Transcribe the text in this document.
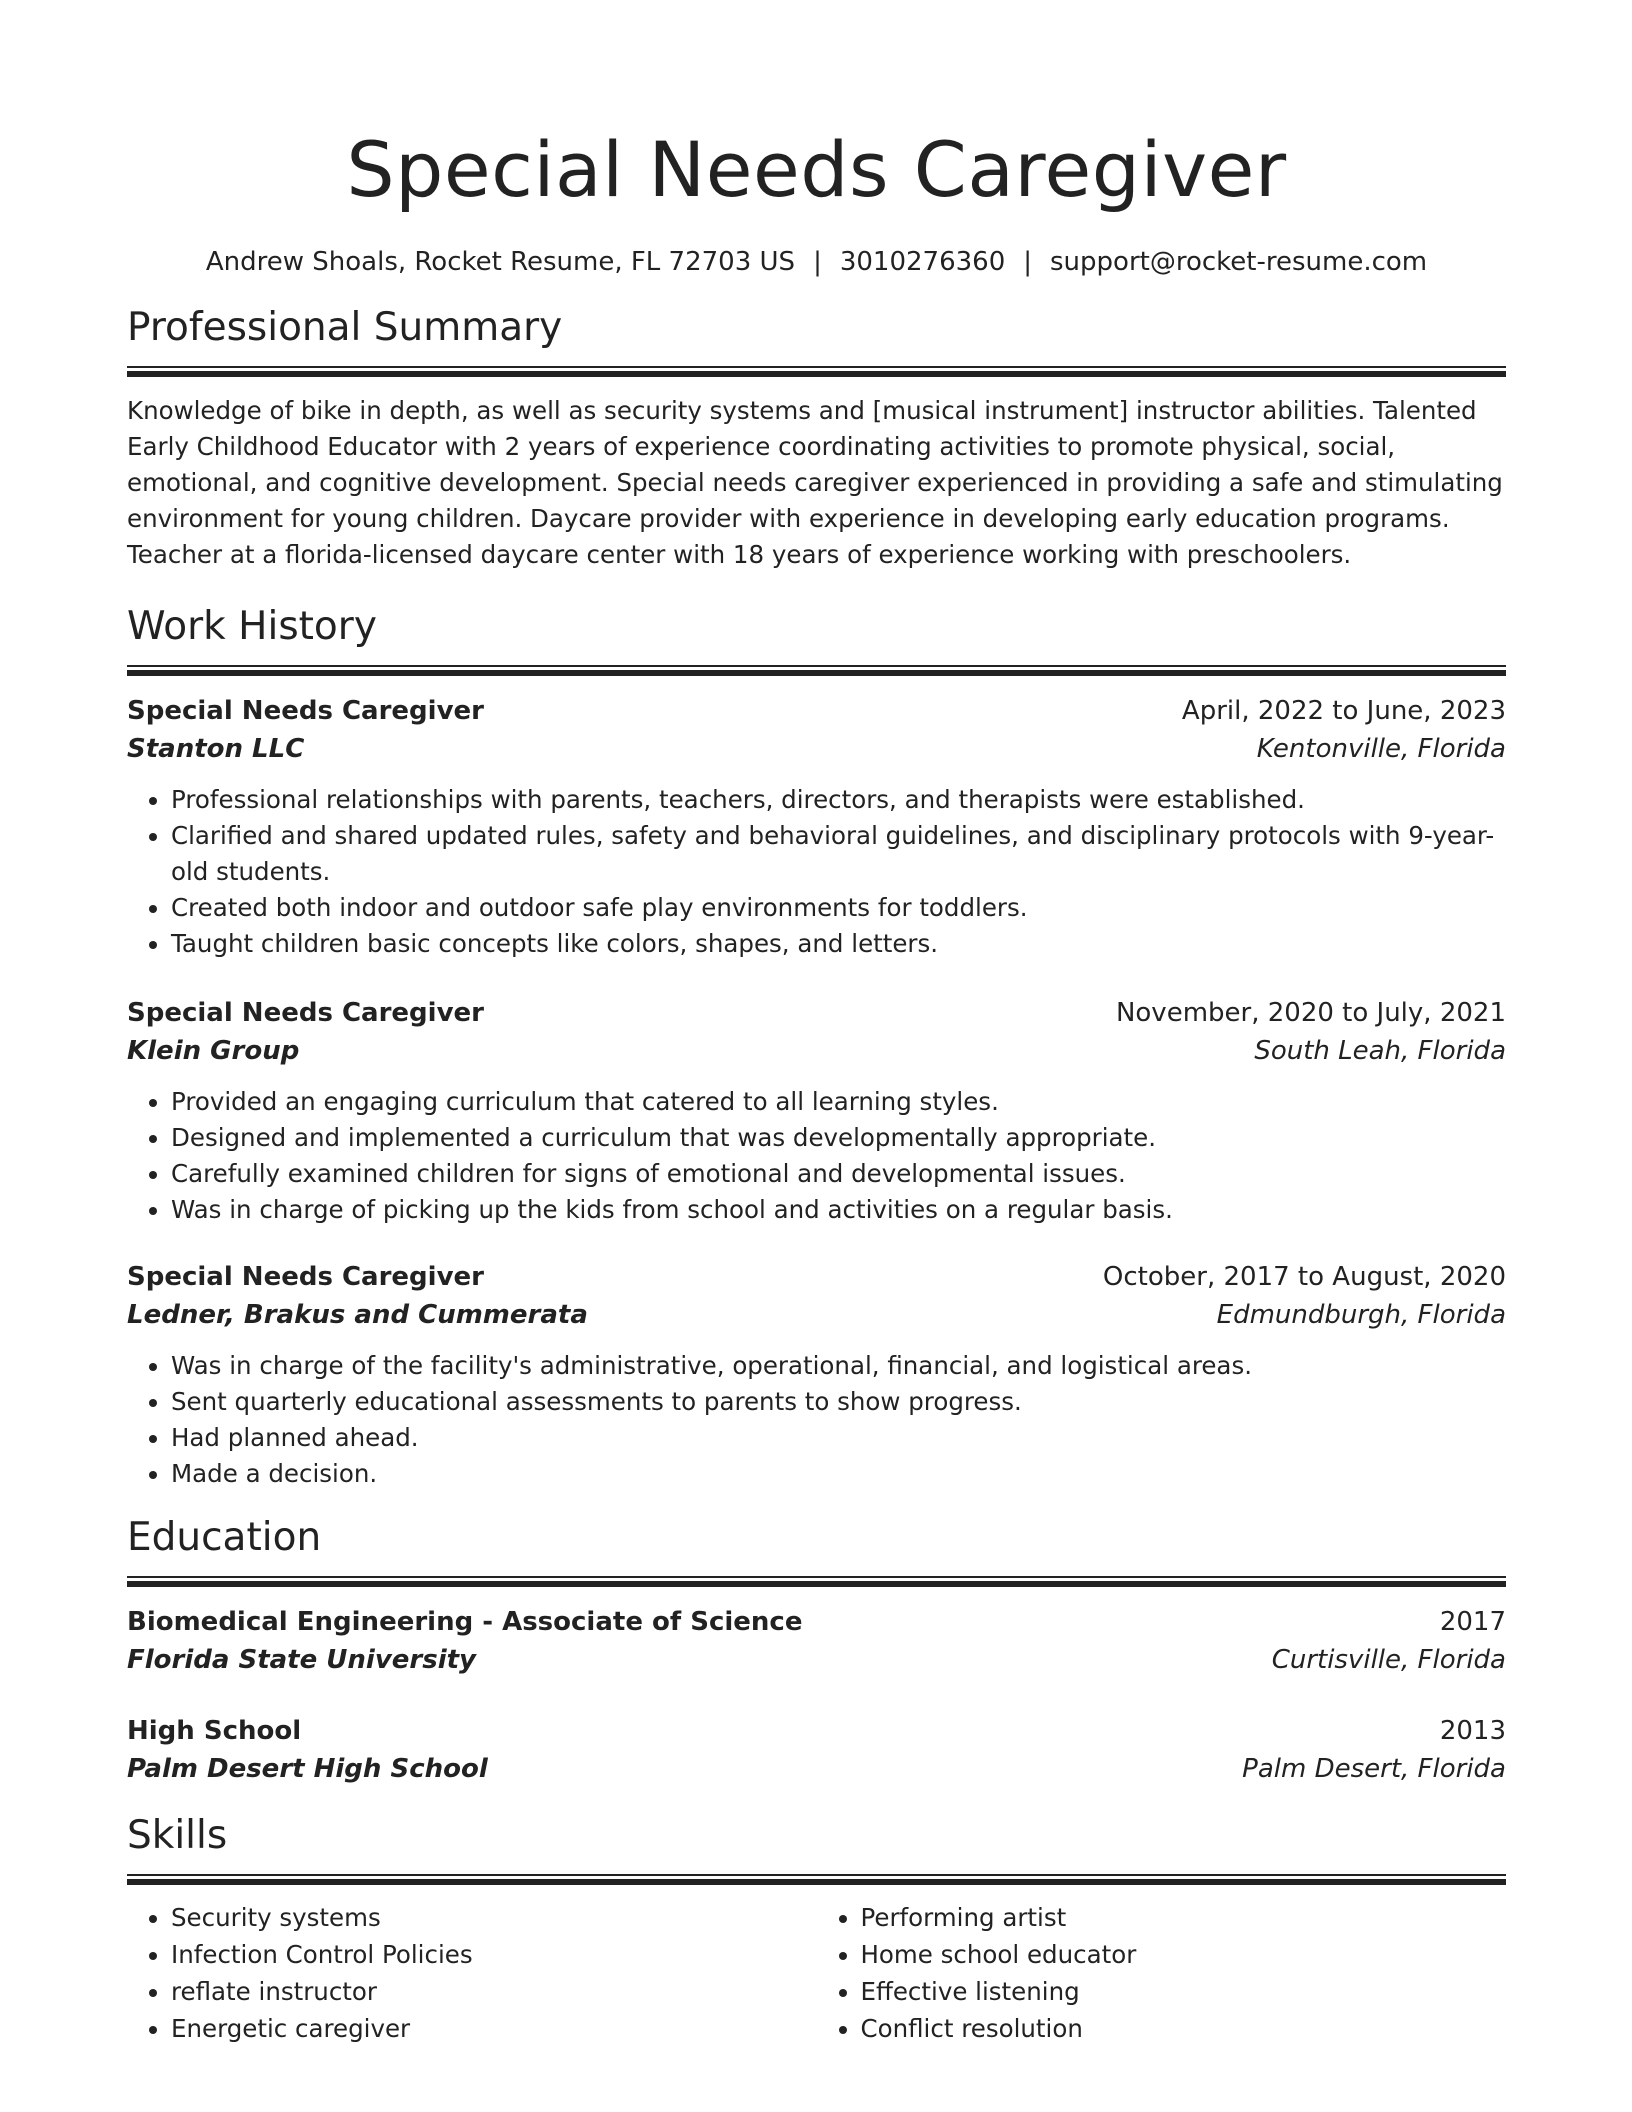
Special Needs Caregiver
Andrew Shoals, Rocket Resume, FL 72703 US | 3010276360 | support@rocket-resume.com
Professional Summary

Knowledge of bike in depth, as well as security systems and [musical instrument] instructor abilities. Talented Early Childhood Educator with 2 years of experience coordinating activities to promote physical, social, emotional, and cognitive development. Special needs caregiver experienced in providing a safe and stimulating environment for young children. Daycare provider with experience in developing early education programs. Teacher at a florida-licensed daycare center with 18 years of experience working with preschoolers.

Work History
Special Needs Caregiver	April, 2022 to June, 2023
Stanton LLC	Kentonville, Florida
• Professional relationships with parents, teachers, directors, and therapists were established.
• Clarified and shared updated rules, safety and behavioral guidelines, and disciplinary protocols with 9-year-old students.
• Created both indoor and outdoor safe play environments for toddlers.
• Taught children basic concepts like colors, shapes, and letters.
Special Needs Caregiver	November, 2020 to July, 2021
Klein Group	South Leah, Florida
• Provided an engaging curriculum that catered to all learning styles.
• Designed and implemented a curriculum that was developmentally appropriate.
• Carefully examined children for signs of emotional and developmental issues.
• Was in charge of picking up the kids from school and activities on a regular basis.
Special Needs Caregiver	October, 2017 to August, 2020
Ledner, Brakus and Cummerata	Edmundburgh, Florida
• Was in charge of the facility's administrative, operational, financial, and logistical areas.
• Sent quarterly educational assessments to parents to show progress.
• Had planned ahead.
• Made a decision.
Education
Biomedical Engineering - Associate of Science	2017
Florida State University	Curtisville, Florida
High School	2013
Palm Desert High School	Palm Desert, Florida
Skills
• Security systems
• Infection Control Policies
• reflate instructor
• Energetic caregiver
• Performing artist
• Home school educator
• Effective listening
• Conflict resolution
